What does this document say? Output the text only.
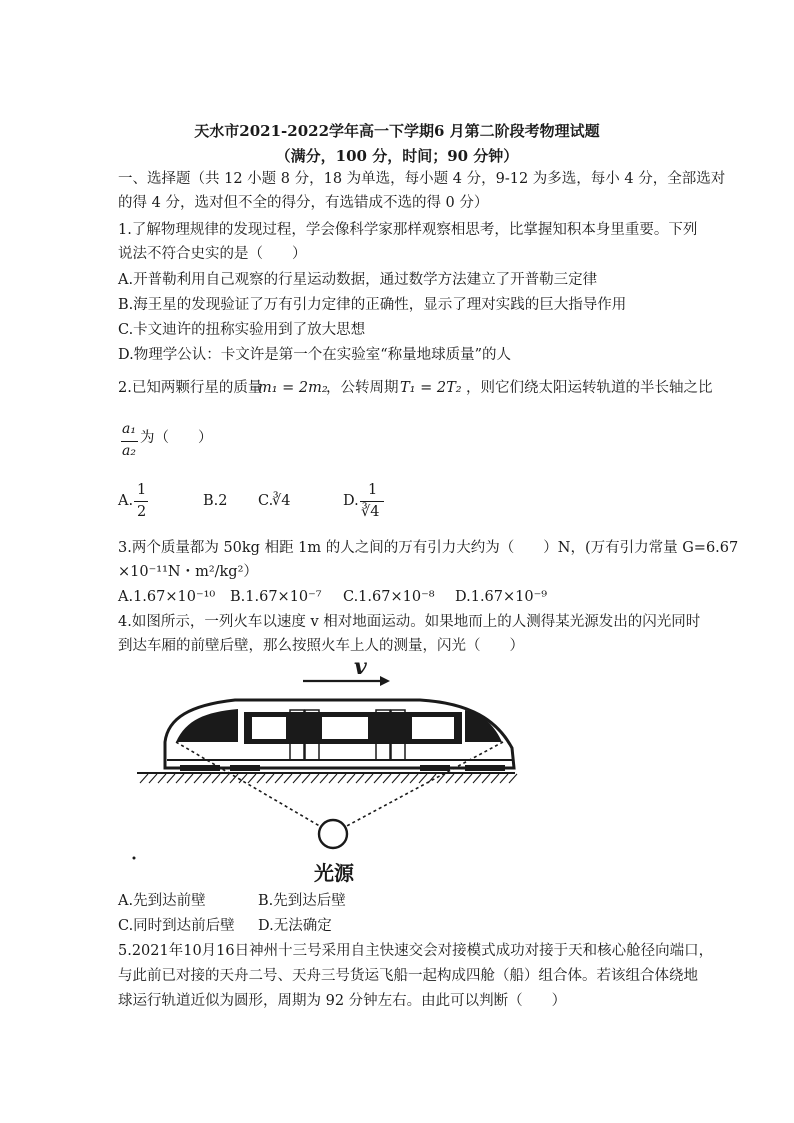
天水市2021-2022学年高一下学期6 月第二阶段考物理试题
（满分，100 分，时间；90 分钟）
一、选择题（共 12 小题 8 分，18 为单选，每小题 4 分，9-12 为多选，每小 4 分，全部选对
的得 4 分，选对但不全的得分，有选错成不选的得 0 分）
1.了解物理规律的发现过程，学会像科学家那样观察相思考，比掌握知积本身里重要。下列
说法不符合史实的是（　　）
A.开普勒利用自己观察的行星运动数据，通过数学方法建立了开普勒三定律
B.海王星的发现验证了万有引力定律的正确性，显示了理对实践的巨大指导作用
C.卡文迪许的扭称实验用到了放大思想
D.物理学公认：卡文许是第一个在实验室“称量地球质量”的人
2.已知两颗行星的质量
m₁ = 2m₂
，公转周期 T₁ = 2T₂ ，则它们绕太阳运转轨道的半长轴之比
a₁
a₂
为（　　）
A.
1
2
B.2 C.
∛4	D.
1
∛4
3.两个质量都为 50kg 相距 1m 的人之间的万有引力大约为（　　）N，(万有引力常量 G=6.67
×10⁻¹¹N・m²/kg²）
A.1.67×10⁻¹⁰ B.1.67×10⁻⁷ C.1.67×10⁻⁸ D.1.67×10⁻⁹
4.如图所示，一列火车以速度 v 相对地面运动。如果地而上的人测得某光源发出的闪光同时
到达车厢的前壁后壁，那么按照火车上人的测量，闪光（　　）
v
光源
A.先到达前壁	B.先到达后壁
C.同时到达前后壁 D.无法确定
5.2021年10月16日神州十三号采用自主快速交会对接模式成功对接于天和核心舱径向端口，
与此前已对接的天舟二号、天舟三号货运飞船一起构成四舱（船）组合体。若该组合体绕地
球运行轨道近似为圆形，周期为 92 分钟左右。由此可以判断（　　）
